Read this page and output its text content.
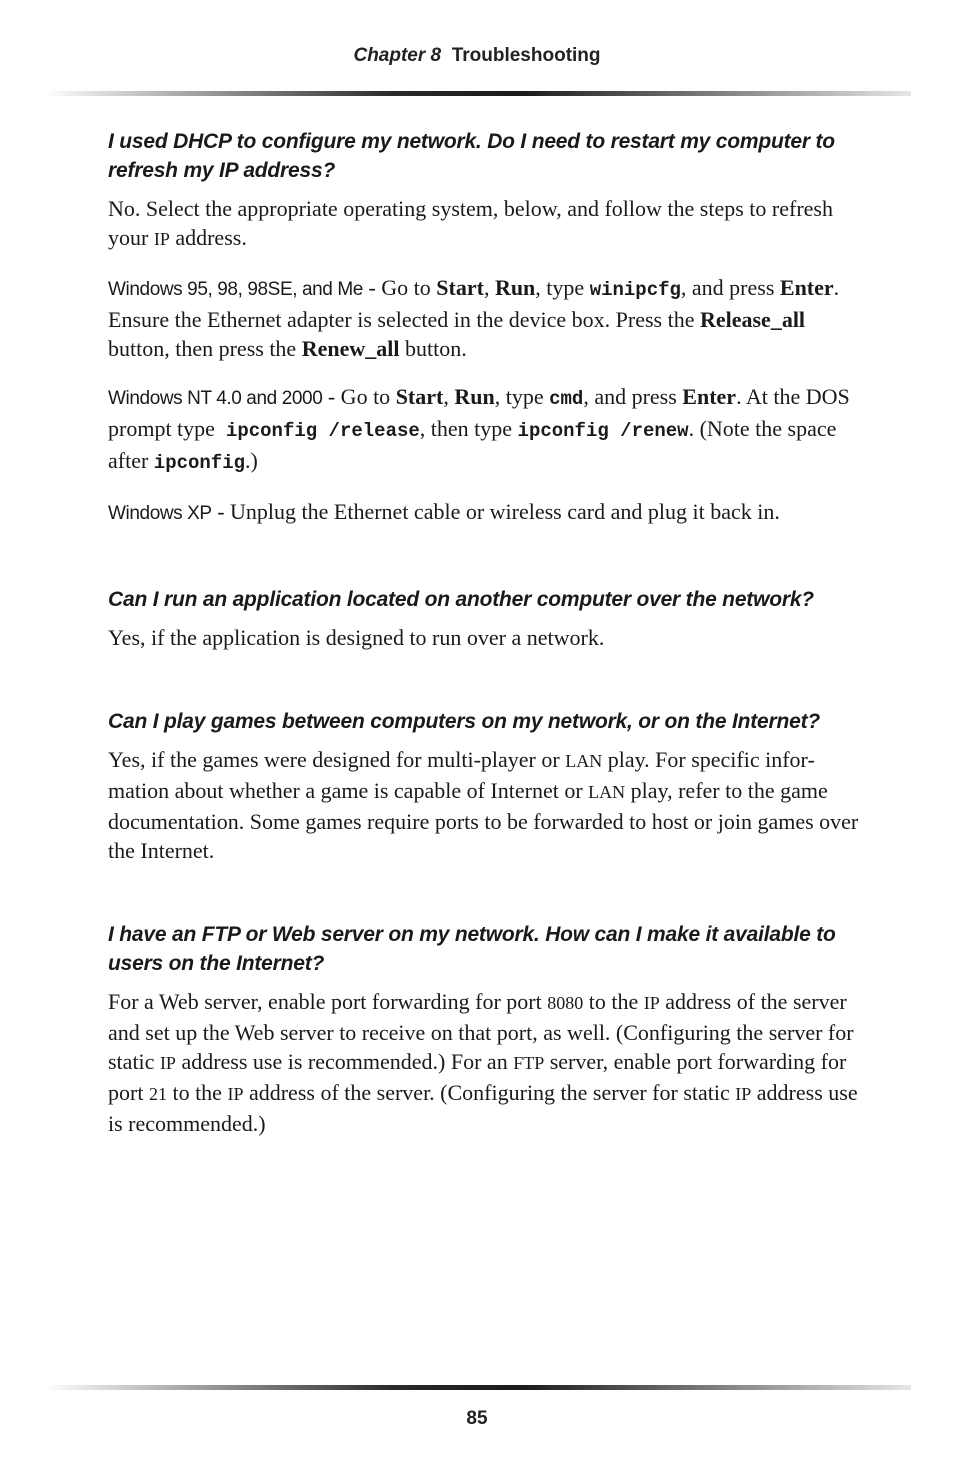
Chapter 8 Troubleshooting
I used DHCP to configure my network. Do I need to restart my computer to refresh my IP address?
No. Select the appropriate operating system, below, and follow the steps to refresh your IP address.
Windows 95, 98, 98SE, and Me - Go to Start, Run, type winipcfg, and press Enter. Ensure the Ethernet adapter is selected in the device box. Press the Release_all button, then press the Renew_all button.
Windows NT 4.0 and 2000 - Go to Start, Run, type cmd, and press Enter. At the DOS prompt type  ipconfig /release, then type ipconfig /renew. (Note the space after ipconfig.)
Windows XP - Unplug the Ethernet cable or wireless card and plug it back in.
Can I run an application located on another computer over the network?
Yes, if the application is designed to run over a network.
Can I play games between computers on my network, or on the Internet?
Yes, if the games were designed for multi-player or LAN play. For specific infor-mation about whether a game is capable of Internet or LAN play, refer to the game documentation. Some games require ports to be forwarded to host or join games over the Internet.
I have an FTP or Web server on my network. How can I make it available to users on the Internet?
For a Web server, enable port forwarding for port 8080 to the IP address of the server and set up the Web server to receive on that port, as well. (Configuring the server for static IP address use is recommended.) For an FTP server, enable port forwarding for port 21 to the IP address of the server. (Configuring the server for static IP address use is recommended.)
85
